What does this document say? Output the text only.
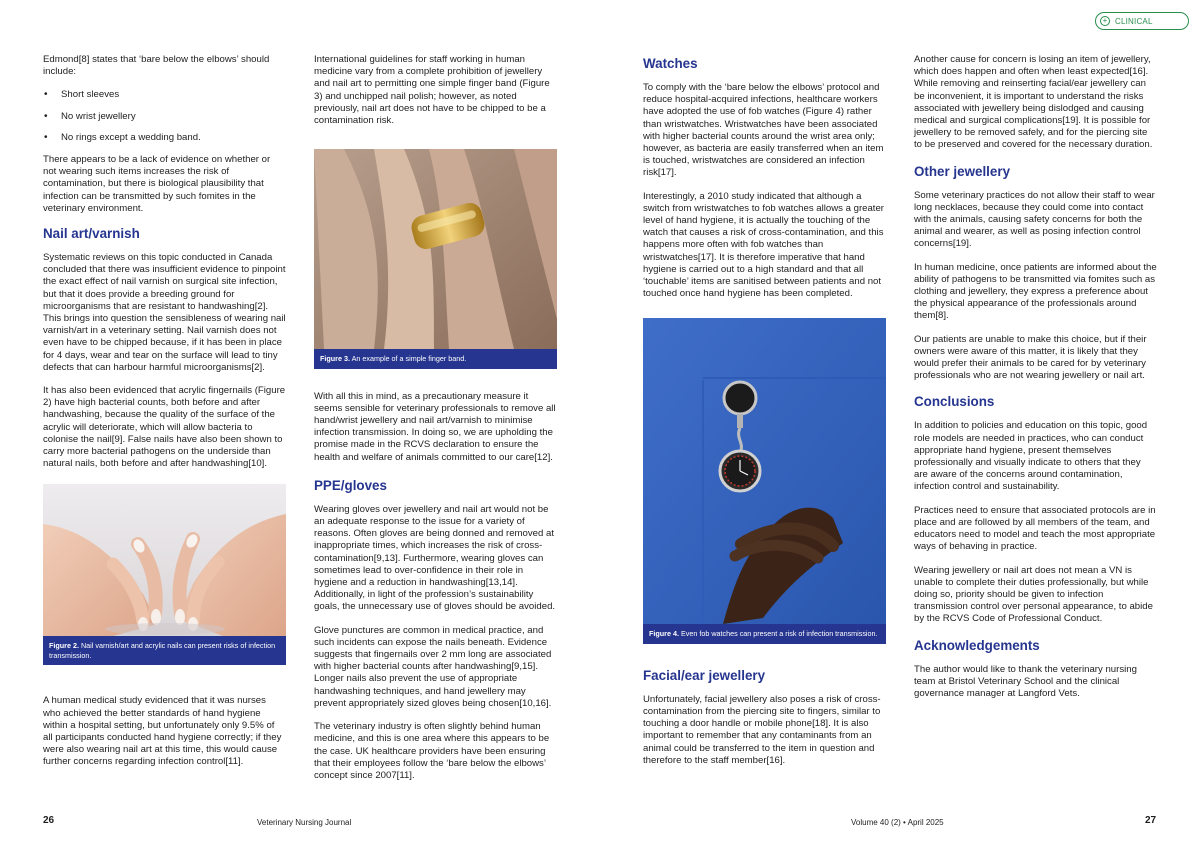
+ CLINICAL

Edmond[8] states that ‘bare below the elbows’ should include:

• Short sleeves
• No wrist jewellery
• No rings except a wedding band.

There appears to be a lack of evidence on whether or not wearing such items increases the risk of contamination, but there is biological plausibility that infection can be transmitted by such fomites in the veterinary environment.

Nail art/varnish

Systematic reviews on this topic conducted in Canada concluded that there was insufficient evidence to pinpoint the exact effect of nail varnish on surgical site infection, but that it does provide a breeding ground for microorganisms that are resistant to handwashing[2]. This brings into question the sensibleness of wearing nail varnish/art in a veterinary setting. Nail varnish does not even have to be chipped because, if it has been in place for 4 days, wear and tear on the surface will lead to tiny defects that can harbour harmful microorganisms[2].

It has also been evidenced that acrylic fingernails (Figure 2) have high bacterial counts, both before and after handwashing, because the quality of the surface of the acrylic will deteriorate, which will allow bacteria to colonise the nail[9]. False nails have also been shown to carry more bacterial pathogens on the underside than natural nails, both before and after handwashing[10].

Figure 2. Nail varnish/art and acrylic nails can present risks of infection transmission.

A human medical study evidenced that it was nurses who achieved the better standards of hand hygiene within a hospital setting, but unfortunately only 9.5% of all participants conducted hand hygiene correctly; if they were also wearing nail art at this time, this would cause further concerns regarding infection control[11].

International guidelines for staff working in human medicine vary from a complete prohibition of jewellery and nail art to permitting one simple finger band (Figure 3) and unchipped nail polish; however, as noted previously, nail art does not have to be chipped to be a contamination risk.

Figure 3. An example of a simple finger band.

With all this in mind, as a precautionary measure it seems sensible for veterinary professionals to remove all hand/wrist jewellery and nail art/varnish to minimise infection transmission. In doing so, we are upholding the promise made in the RCVS declaration to ensure the health and welfare of animals committed to our care[12].

PPE/gloves

Wearing gloves over jewellery and nail art would not be an adequate response to the issue for a variety of reasons. Often gloves are being donned and removed at inappropriate times, which increases the risk of cross-contamination[9,13]. Furthermore, wearing gloves can sometimes lead to over-confidence in their role in hygiene and a reduction in handwashing[13,14]. Additionally, in light of the profession’s sustainability goals, the unnecessary use of gloves should be avoided.

Glove punctures are common in medical practice, and such incidents can expose the nails beneath. Evidence suggests that fingernails over 2 mm long are associated with higher bacterial counts after handwashing[9,15]. Longer nails also prevent the use of appropriate handwashing techniques, and hand jewellery may prevent appropriately sized gloves being chosen[10,16].

The veterinary industry is often slightly behind human medicine, and this is one area where this appears to be the case. UK healthcare providers have been ensuring that their employees follow the ‘bare below the elbows’ concept since 2007[11].

Watches

To comply with the ‘bare below the elbows’ protocol and reduce hospital-acquired infections, healthcare workers have adopted the use of fob watches (Figure 4) rather than wristwatches. Wristwatches have been associated with higher bacterial counts around the wrist area only; however, as bacteria are easily transferred when an item is touched, wristwatches are considered an infection risk[17].

Interestingly, a 2010 study indicated that although a switch from wristwatches to fob watches allows a greater level of hand hygiene, it is actually the touching of the watch that causes a risk of cross-contamination, and this happens more often with fob watches than wristwatches[17]. It is therefore imperative that hand hygiene is carried out to a high standard and that all ‘touchable’ items are sanitised between patients and not touched once hand hygiene has been completed.

Figure 4. Even fob watches can present a risk of infection transmission.
Facial/ear jewellery

Unfortunately, facial jewellery also poses a risk of cross-contamination from the piercing site to fingers, similar to touching a door handle or mobile phone[18]. It is also important to remember that any contaminants from an animal could be transferred to the item in question and therefore to the staff member[16].

Another cause for concern is losing an item of jewellery, which does happen and often when least expected[16]. While removing and reinserting facial/ear jewellery can be inconvenient, it is important to understand the risks associated with jewellery being dislodged and causing medical and surgical complications[19]. It is possible for jewellery to be removed safely, and for the piercing site to be preserved and covered for the necessary duration.

Other jewellery

Some veterinary practices do not allow their staff to wear long necklaces, because they could come into contact with the animals, causing safety concerns for both the animal and wearer, as well as posing infection control concerns[19].

In human medicine, once patients are informed about the ability of pathogens to be transmitted via fomites such as clothing and jewellery, they express a preference about the physical appearance of the professionals around them[8].

Our patients are unable to make this choice, but if their owners were aware of this matter, it is likely that they would prefer their animals to be cared for by veterinary professionals who are not wearing jewellery or nail art.

Conclusions

In addition to policies and education on this topic, good role models are needed in practices, who can conduct appropriate hand hygiene, present themselves professionally and visually indicate to others that they are aware of the concerns around contamination, infection control and sustainability.

Practices need to ensure that associated protocols are in place and are followed by all members of the team, and educators need to model and teach the most appropriate ways of behaving in practice.

Wearing jewellery or nail art does not mean a VN is unable to complete their duties professionally, but while doing so, priority should be given to infection transmission control over personal appearance, to abide by the RCVS Code of Professional Conduct.

Acknowledgements

The author would like to thank the veterinary nursing team at Bristol Veterinary School and the clinical governance manager at Langford Vets.

26	Veterinary Nursing Journal	Volume 40 (2) • April 2025	27
